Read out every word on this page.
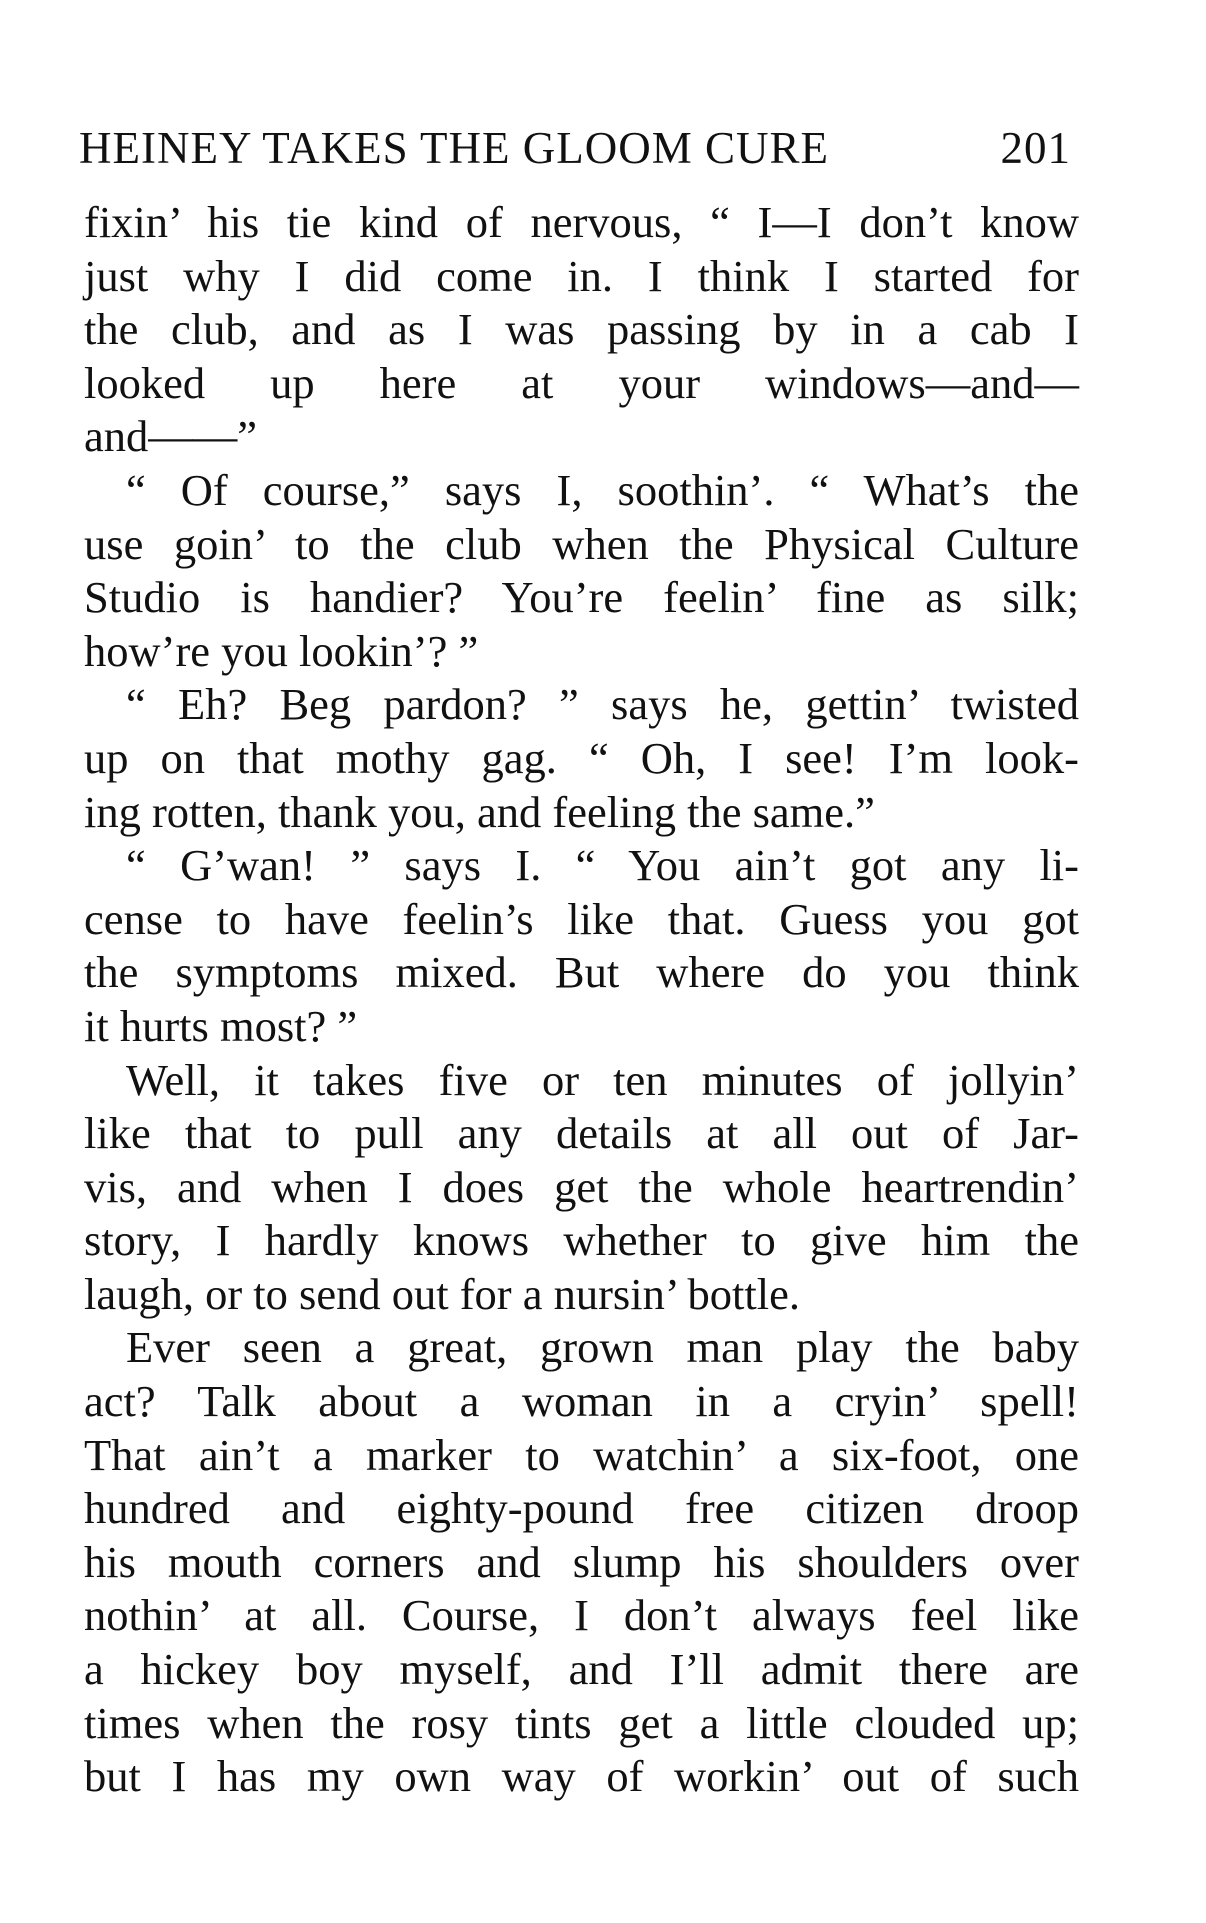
HEINEY TAKES THE GLOOM CURE	201
fixin’ his tie kind of nervous, “ I—I don’t know
just why I did come in. I think I started for
the club, and as I was passing by in a cab I
looked up here at your windows—and—
and——”
“ Of course,” says I, soothin’. “ What’s the
use goin’ to the club when the Physical Culture
Studio is handier? You’re feelin’ fine as silk;
how’re you lookin’? ”
“ Eh? Beg pardon? ” says he, gettin’ twisted
up on that mothy gag. “ Oh, I see! I’m look-
ing rotten, thank you, and feeling the same.”
“ G’wan! ” says I. “ You ain’t got any li-
cense to have feelin’s like that. Guess you got
the symptoms mixed. But where do you think
it hurts most? ”
Well, it takes five or ten minutes of jollyin’
like that to pull any details at all out of Jar-
vis, and when I does get the whole heartrendin’
story, I hardly knows whether to give him the
laugh, or to send out for a nursin’ bottle.
Ever seen a great, grown man play the baby
act? Talk about a woman in a cryin’ spell!
That ain’t a marker to watchin’ a six-foot, one
hundred and eighty-pound free citizen droop
his mouth corners and slump his shoulders over
nothin’ at all. Course, I don’t always feel like
a hickey boy myself, and I’ll admit there are
times when the rosy tints get a little clouded up;
but I has my own way of workin’ out of such
